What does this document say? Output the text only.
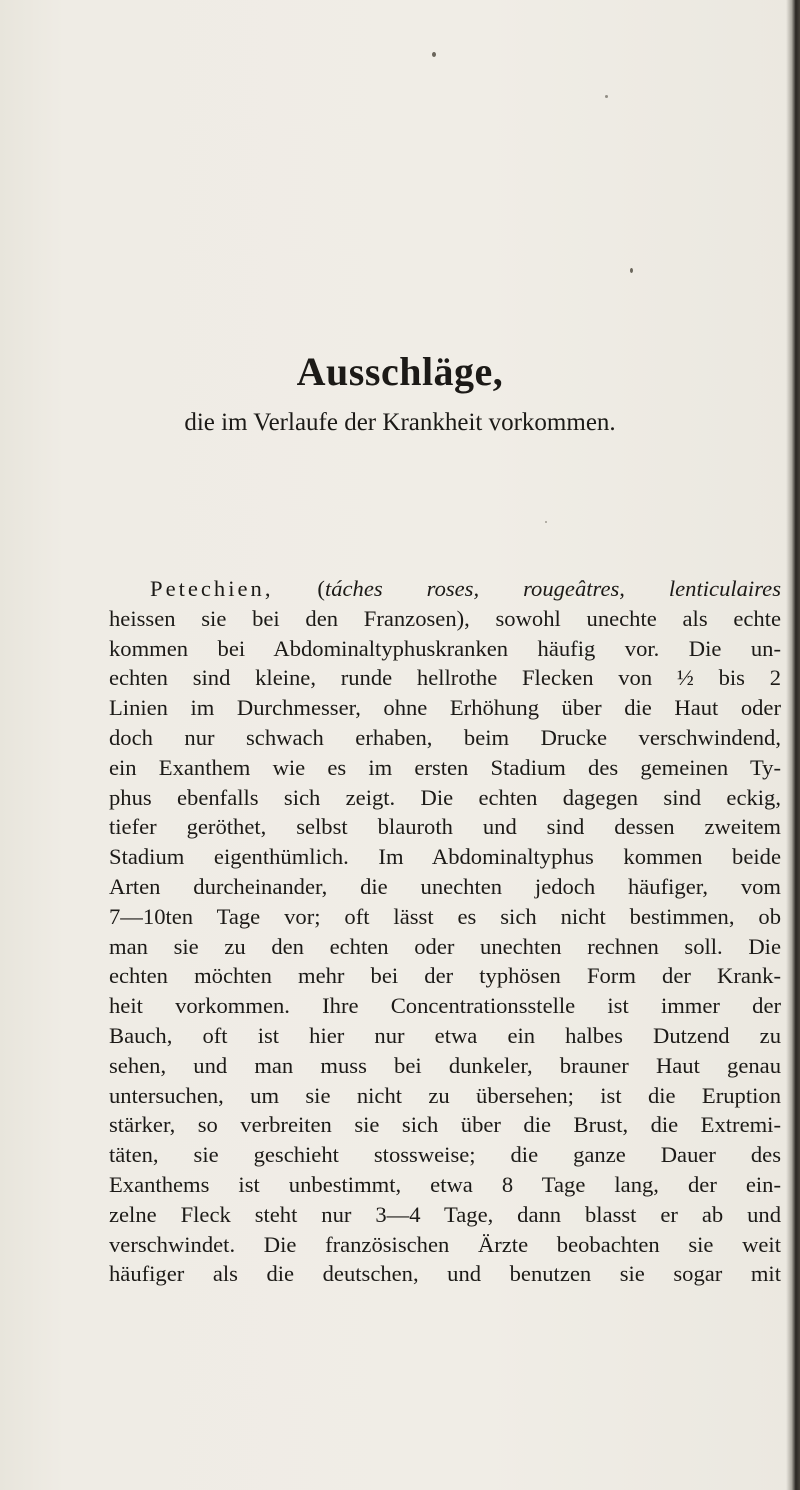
Ausschläge,
die im Verlaufe der Krankheit vorkommen.
Petechien, (táches roses, rougeâtres, lenticulaires
heissen sie bei den Franzosen), sowohl unechte als echte
kommen bei Abdominaltyphuskranken häufig vor. Die un-
echten sind kleine, runde hellrothe Flecken von ½ bis 2
Linien im Durchmesser, ohne Erhöhung über die Haut oder
doch nur schwach erhaben, beim Drucke verschwindend,
ein Exanthem wie es im ersten Stadium des gemeinen Ty-
phus ebenfalls sich zeigt. Die echten dagegen sind eckig,
tiefer geröthet, selbst blauroth und sind dessen zweitem
Stadium eigenthümlich. Im Abdominaltyphus kommen beide
Arten durcheinander, die unechten jedoch häufiger, vom
7—10ten Tage vor; oft lässt es sich nicht bestimmen, ob
man sie zu den echten oder unechten rechnen soll. Die
echten möchten mehr bei der typhösen Form der Krank-
heit vorkommen. Ihre Concentrationsstelle ist immer der
Bauch, oft ist hier nur etwa ein halbes Dutzend zu
sehen, und man muss bei dunkeler, brauner Haut genau
untersuchen, um sie nicht zu übersehen; ist die Eruption
stärker, so verbreiten sie sich über die Brust, die Extremi-
täten, sie geschieht stossweise; die ganze Dauer des
Exanthems ist unbestimmt, etwa 8 Tage lang, der ein-
zelne Fleck steht nur 3—4 Tage, dann blasst er ab und
verschwindet. Die französischen Ärzte beobachten sie weit
häufiger als die deutschen, und benutzen sie sogar mit
